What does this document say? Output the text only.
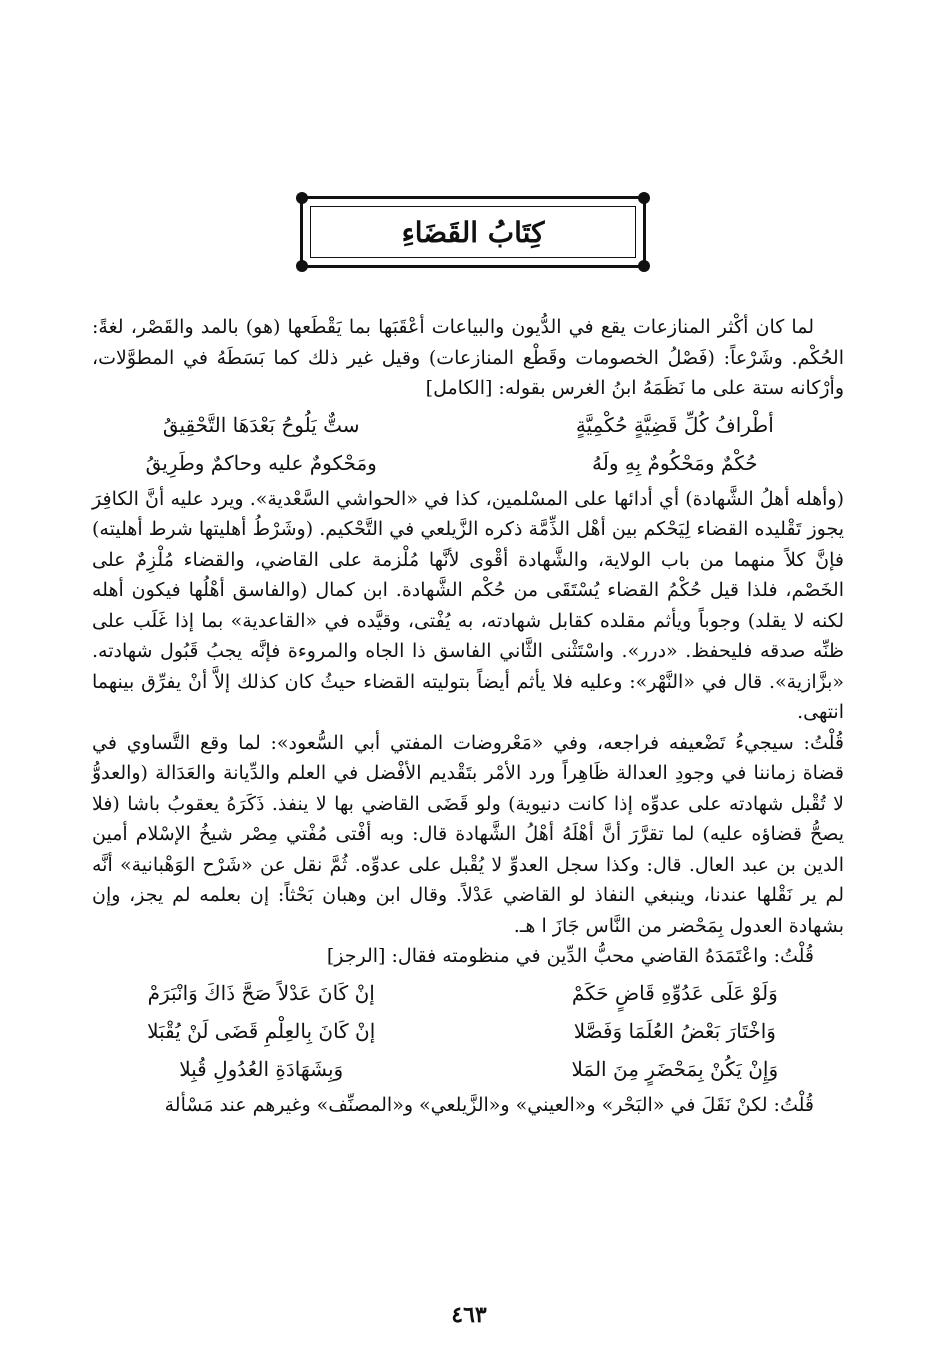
كِتَابُ القَضَاءِ

لما كان أكْثر المنازعات يقع في الدُّيون والبياعات أعْقَبَها بما يَقْطَعها (هو) بالمد والقَصْر، لغةً: الحُكْم. وشَرْعاً: (فَصْلُ الخصومات وقَطْع المنازعات) وقيل غير ذلك كما بَسَطَهُ في المطوَّلات، وأرْكانه ستة على ما نَظَمَهُ ابنُ الغرس بقوله: [الكامل]

أطْرافُ كُلِّ قَضِيَّةٍ حُكْمِيَّةٍ
ستٌّ يَلُوحُ بَعْدَهَا التَّحْقِيقُ
حُكْمٌ ومَحْكُومٌ بِهِ ولَهُ
ومَحْكومٌ عليه وحاكمٌ وطَرِيقُ

(وأهله أهلُ الشَّهادة) أي أدائها على المسْلمين، كذا في «الحواشي السَّعْدية». ويرد عليه أنَّ الكافِرَ يجوز تَقْليده القضاء لِيَحْكم بين أهْل الذِّمَّة ذكره الزَّيلعي في التَّحْكيم. (وشَرْطُ أهليتها شرط أهليته) فإنَّ كلاً منهما من باب الولاية، والشَّهادة أقْوى لأنَّها مُلْزمة على القاضي، والقضاء مُلْزِمٌ على الخَصْم، فلذا قيل حُكْمُ القضاء يُسْتَقَى من حُكْم الشَّهادة. ابن كمال (والفاسق أهْلُها فيكون أهله لكنه لا يقلد) وجوباً ويأثم مقلده كقابل شهادته، به يُفْتى، وقيَّده في «القاعدية» بما إذا غَلَب على ظنِّه صدقه فليحفظ. «درر». واسْتَثْنى الثَّاني الفاسق ذا الجاه والمروءة فإنَّه يجبُ قَبُول شهادته. «بزَّازية». قال في «النَّهْر»: وعليه فلا يأثم أيضاً بتوليته القضاء حيثُ كان كذلك إلاَّ أنْ يفرِّق بينهما انتهى.

قُلْتُ: سيجيءُ تَضْعيفه فراجعه، وفي «مَعْروضات المفتي أبي السُّعود»: لما وقع التَّساوي في قضاة زماننا في وجودِ العدالة ظَاهِراً ورد الأمْر بتَقْديم الأفْضل في العلم والدِّيانة والعَدَالة (والعدوُّ لا تُقْبل شهادته على عدوِّه إذا كانت دنيوية) ولو قَضَى القاضي بها لا ينفذ. ذَكَرَهُ يعقوبُ باشا (فلا يصحُّ قضاؤه عليه) لما تقرَّرَ أنَّ أهْلَهُ أهْلُ الشَّهادة قال: وبه أفْتى مُفْتي مِصْر شيخُ الإسْلام أمين الدين بن عبد العال. قال: وكذا سجل العدوِّ لا يُقْبل على عدوِّه. ثُمَّ نقل عن «شَرْح الوَهْبانية» أنَّه لم ير نَقْلها عندنا، وينبغي النفاذ لو القاضي عَدْلاً. وقال ابن وهبان بَحْثاً: إن بعلمه لم يجز، وإن بشهادة العدول بِمَحْضر من النَّاس جَازَ ا هـ.

قُلْتُ: واعْتَمَدَهُ القاضي محبُّ الدِّين في منظومته فقال: [الرجز]

وَلَوْ عَلَى عَدُوِّهِ قَاضٍ حَكَمْ
إنْ كَانَ عَدْلاً صَحَّ ذَاكَ وَانْبَرَمْ
وَاخْتَارَ بَعْضُ العُلَمَا وَفَصَّلا
إنْ كَانَ بِالعِلْمِ قَضَى لَنْ يُقْبَلا
وَإِنْ يَكُنْ بِمَحْضَرٍ مِنَ المَلا
وَبِشَهَادَةِ العُدُولِ قُبِلا

قُلْتُ: لكنْ نَقَلَ في «البَحْر» و«العيني» و«الزَّيلعي» و«المصنِّف» وغيرهم عند مَسْألة

٤٦٣
